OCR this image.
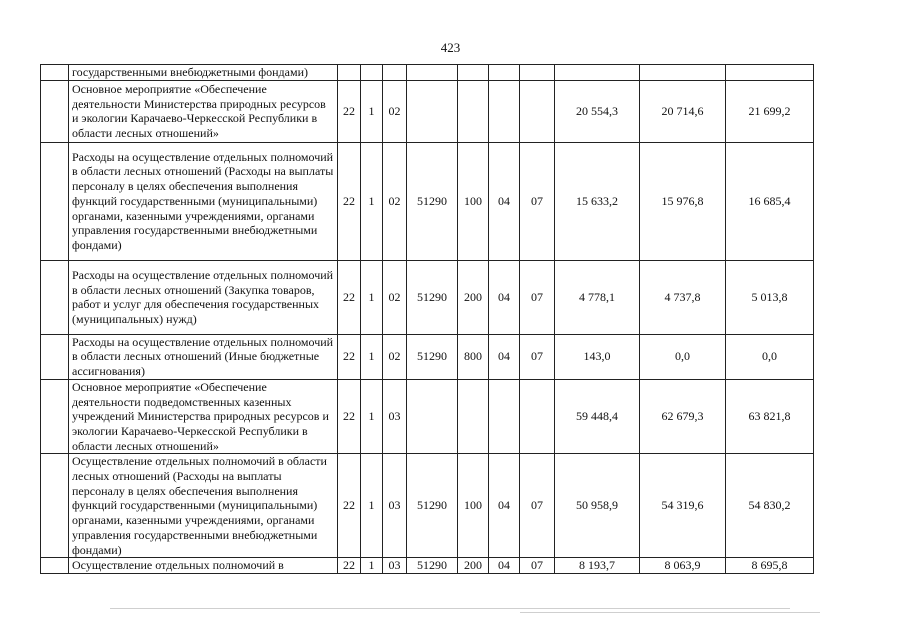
423
	государственными внебюджетными фондами)										
	Основное мероприятие «Обеспечение деятельности Министерства природных ресурсов и экологии Карачаево-Черкесской Республики в области лесных отношений»	22	1	02					20 554,3	20 714,6	21 699,2
	Расходы на осуществление отдельных полномочий в области лесных отношений (Расходы на выплаты персоналу в целях обеспечения выполнения функций государственными (муниципальными) органами, казенными учреждениями, органами управления государственными внебюджетными фондами)	22	1	02	51290	100	04	07	15 633,2	15 976,8	16 685,4
	Расходы на осуществление отдельных полномочий в области лесных отношений (Закупка товаров, работ и услуг для обеспечения государственных (муниципальных) нужд)	22	1	02	51290	200	04	07	4 778,1	4 737,8	5 013,8
	Расходы на осуществление отдельных полномочий в области лесных отношений (Иные бюджетные ассигнования)	22	1	02	51290	800	04	07	143,0	0,0	0,0
	Основное мероприятие «Обеспечение деятельности подведомственных казенных учреждений Министерства природных ресурсов и экологии Карачаево-Черкесской Республики в области лесных отношений»	22	1	03					59 448,4	62 679,3	63 821,8
	Осуществление отдельных полномочий в области лесных отношений (Расходы на выплаты персоналу в целях обеспечения выполнения функций государственными (муниципальными) органами, казенными учреждениями, органами управления государственными внебюджетными фондами)	22	1	03	51290	100	04	07	50 958,9	54 319,6	54 830,2
	Осуществление отдельных полномочий в	22	1	03	51290	200	04	07	8 193,7	8 063,9	8 695,8
